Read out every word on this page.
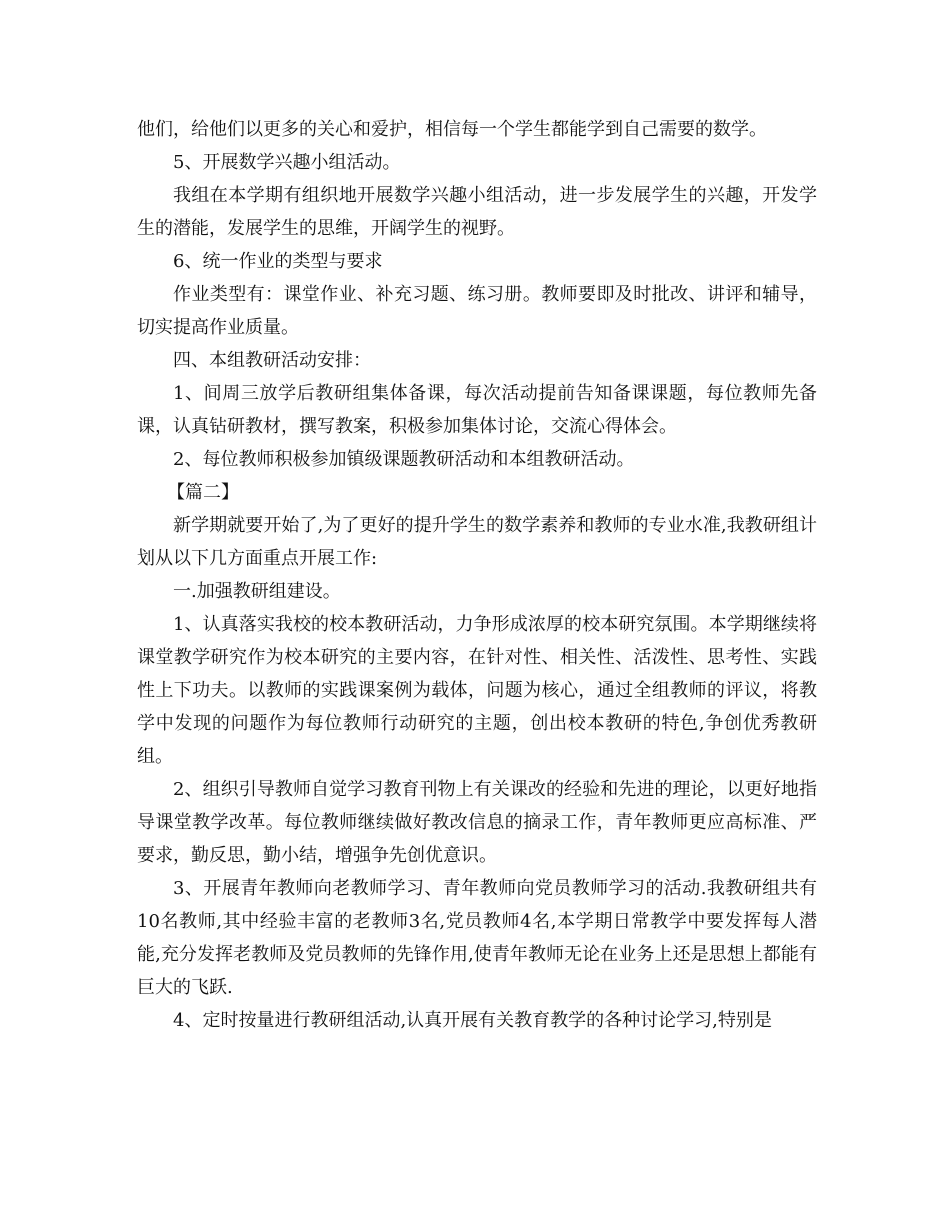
他们，给他们以更多的关心和爱护，相信每一个学生都能学到自己需要的数学。

5、开展数学兴趣小组活动。

我组在本学期有组织地开展数学兴趣小组活动，进一步发展学生的兴趣，开发学生的潜能，发展学生的思维，开阔学生的视野。

6、统一作业的类型与要求

作业类型有：课堂作业、补充习题、练习册。教师要即及时批改、讲评和辅导，切实提高作业质量。

四、本组教研活动安排：

1、间周三放学后教研组集体备课，每次活动提前告知备课课题，每位教师先备课，认真钻研教材，撰写教案，积极参加集体讨论，交流心得体会。

2、每位教师积极参加镇级课题教研活动和本组教研活动。

【篇二】

新学期就要开始了,为了更好的提升学生的数学素养和教师的专业水准,我教研组计划从以下几方面重点开展工作:

一.加强教研组建设。

1、认真落实我校的校本教研活动，力争形成浓厚的校本研究氛围。本学期继续将课堂教学研究作为校本研究的主要内容，在针对性、相关性、活泼性、思考性、实践性上下功夫。以教师的实践课案例为载体，问题为核心，通过全组教师的评议，将教学中发现的问题作为每位教师行动研究的主题，创出校本教研的特色,争创优秀教研组。

2、组织引导教师自觉学习教育刊物上有关课改的经验和先进的理论，以更好地指导课堂教学改革。每位教师继续做好教改信息的摘录工作，青年教师更应高标准、严要求，勤反思，勤小结，增强争先创优意识。

3、开展青年教师向老教师学习、青年教师向党员教师学习的活动.我教研组共有10名教师,其中经验丰富的老教师3名,党员教师4名,本学期日常教学中要发挥每人潜能,充分发挥老教师及党员教师的先锋作用,使青年教师无论在业务上还是思想上都能有巨大的飞跃.

4、定时按量进行教研组活动,认真开展有关教育教学的各种讨论学习,特别是
